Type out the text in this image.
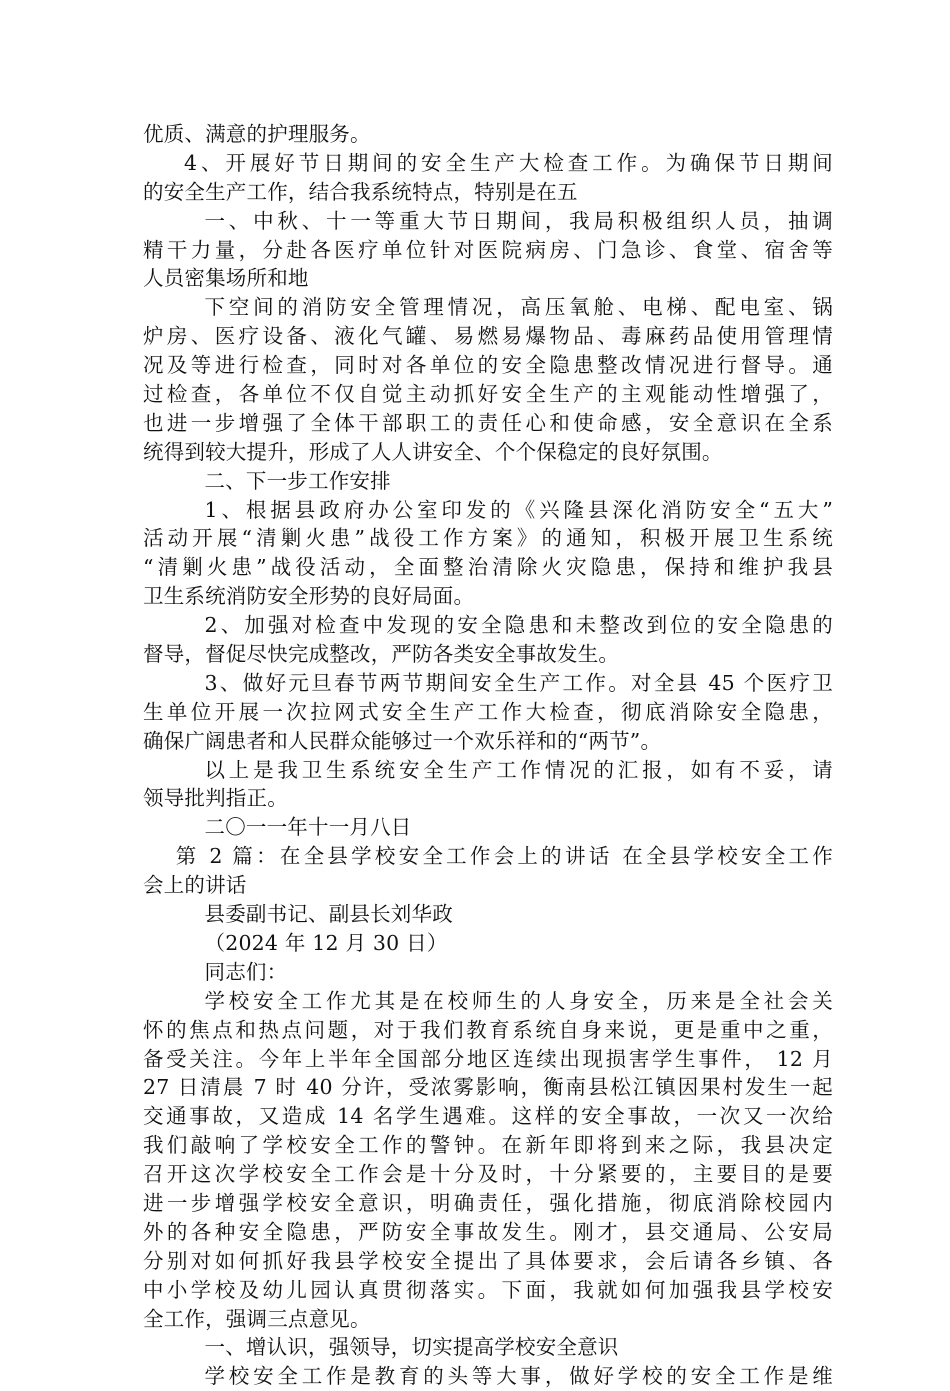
优质、满意的护理服务。
4、开展好节日期间的安全生产大检查工作。为确保节日期间
的安全生产工作，结合我系统特点，特别是在五
一、中秋、十一等重大节日期间，我局积极组织人员，抽调
精干力量，分赴各医疗单位针对医院病房、门急诊、食堂、宿舍等
人员密集场所和地
下空间的消防安全管理情况，高压氧舱、电梯、配电室、锅
炉房、医疗设备、液化气罐、易燃易爆物品、毒麻药品使用管理情
况及等进行检查，同时对各单位的安全隐患整改情况进行督导。通
过检查，各单位不仅自觉主动抓好安全生产的主观能动性增强了，
也进一步增强了全体干部职工的责任心和使命感，安全意识在全系
统得到较大提升，形成了人人讲安全、个个保稳定的良好氛围。
二、下一步工作安排
1、根据县政府办公室印发的《兴隆县深化消防安全“五大”
活动开展“清剿火患”战役工作方案》的通知，积极开展卫生系统
“清剿火患”战役活动，全面整治清除火灾隐患，保持和维护我县
卫生系统消防安全形势的良好局面。
2、加强对检查中发现的安全隐患和未整改到位的安全隐患的
督导，督促尽快完成整改，严防各类安全事故发生。
3、做好元旦春节两节期间安全生产工作。对全县 45 个医疗卫
生单位开展一次拉网式安全生产工作大检查，彻底消除安全隐患，
确保广阔患者和人民群众能够过一个欢乐祥和的“两节”。
以上是我卫生系统安全生产工作情况的汇报，如有不妥，请
领导批判指正。
二〇一一年十一月八日
第 2 篇：在全县学校安全工作会上的讲话 在全县学校安全工作
会上的讲话
县委副书记、副县长刘华政
（2024 年 12 月 30 日）
同志们：
学校安全工作尤其是在校师生的人身安全，历来是全社会关
怀的焦点和热点问题，对于我们教育系统自身来说，更是重中之重，
备受关注。今年上半年全国部分地区连续出现损害学生事件， 12 月
27 日清晨 7 时 40 分许，受浓雾影响，衡南县松江镇因果村发生一起
交通事故，又造成 14 名学生遇难。这样的安全事故，一次又一次给
我们敲响了学校安全工作的警钟。在新年即将到来之际，我县决定
召开这次学校安全工作会是十分及时，十分紧要的，主要目的是要
进一步增强学校安全意识，明确责任，强化措施，彻底消除校园内
外的各种安全隐患，严防安全事故发生。刚才，县交通局、公安局
分别对如何抓好我县学校安全提出了具体要求，会后请各乡镇、各
中小学校及幼儿园认真贯彻落实。下面，我就如何加强我县学校安
全工作，强调三点意见。
一、增认识，强领导，切实提高学校安全意识
学校安全工作是教育的头等大事，做好学校的安全工作是维
